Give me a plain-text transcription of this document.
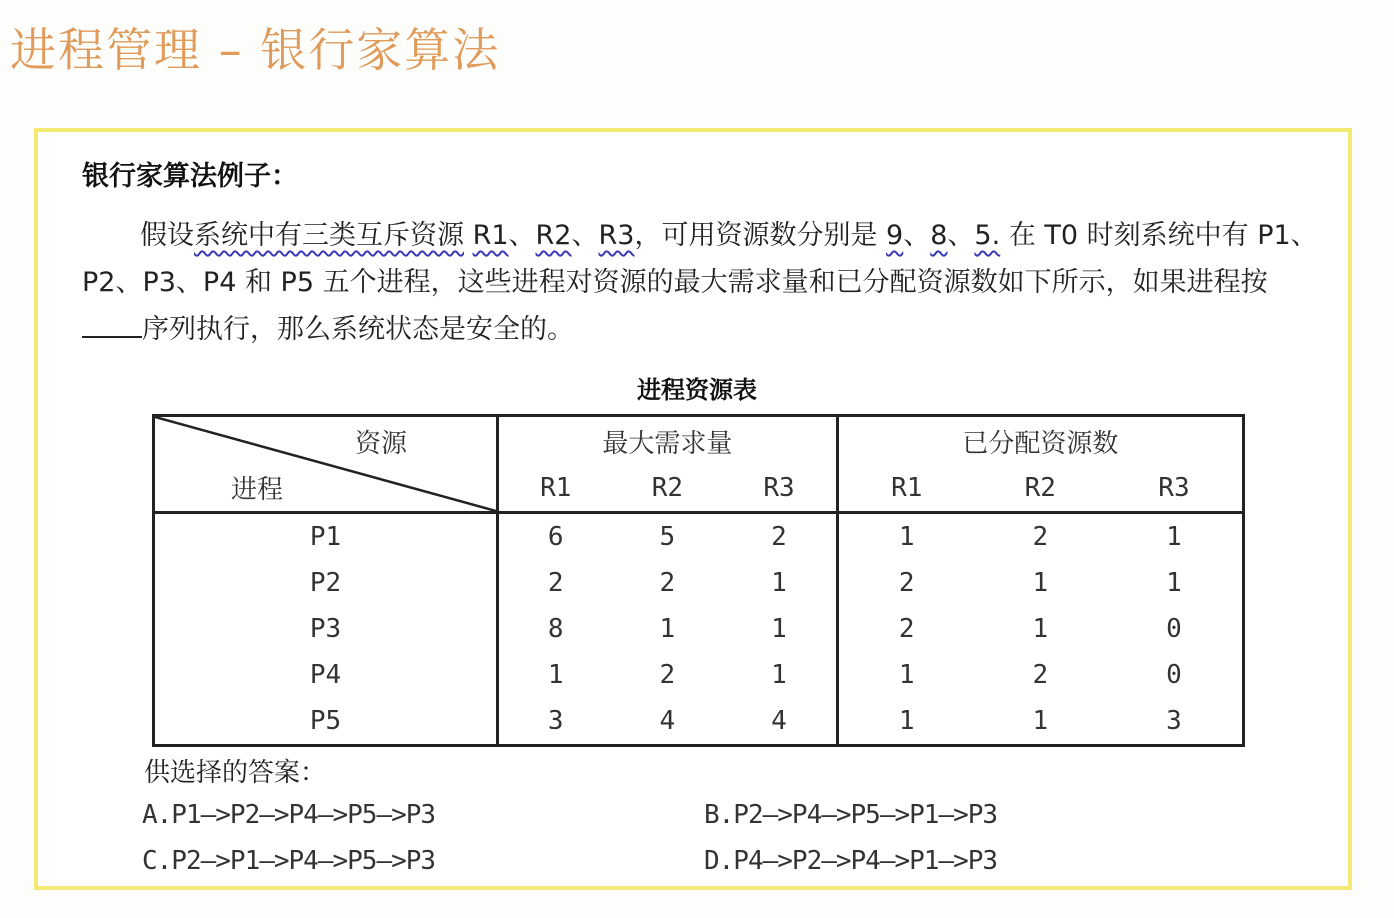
进程管理 – 银行家算法
银行家算法例子：

假设系统中有三类互斥资源 R1、R2、R3，可用资源数分别是 9、8、5. 在 T0 时刻系统中有 P1、P2、P3、P4 和 P5 五个进程，这些进程对资源的最大需求量和已分配资源数如下所示，如果进程按序列执行，那么系统状态是安全的。

进程资源表
资源
进程	最大需求量			已分配资源数		
	R1	R2	R3	R1	R2	R3
P1	6	5	2	1	2	1
P2	2	2	1	2	1	1
P3	8	1	1	2	1	0
P4	1	2	1	1	2	0
P5	3	4	4	1	1	3
供选择的答案：
A.P1—>P2—>P4—>P5—>P3	B.P2—>P4—>P5—>P1—>P3
C.P2—>P1—>P4—>P5—>P3	D.P4—>P2—>P4—>P1—>P3
